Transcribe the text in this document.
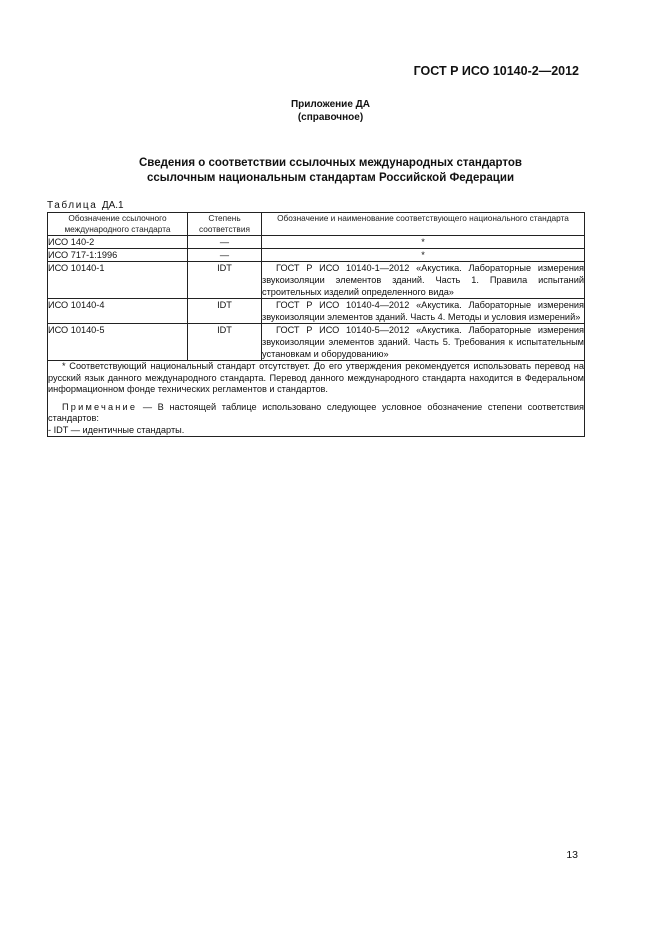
ГОСТ Р ИСО 10140-2—2012
Приложение ДА
(справочное)
Сведения о соответствии ссылочных международных стандартов
ссылочным национальным стандартам Российской Федерации
Таблица ДА.1
Обозначение ссылочного международного стандарта	Степень соответствия	Обозначение и наименование соответствующего национального стандарта
ИСО 140-2	—	*
ИСО 717-1:1996	—	*
ИСО 10140-1	IDT	ГОСТ Р ИСО 10140-1—2012 «Акустика. Лабораторные измерения звукоизоляции элементов зданий. Часть 1. Правила испытаний строительных изделий определенного вида»
ИСО 10140-4	IDT	ГОСТ Р ИСО 10140-4—2012 «Акустика. Лабораторные измерения звукоизоляции элементов зданий. Часть 4. Методы и условия измерений»
ИСО 10140-5	IDT	ГОСТ Р ИСО 10140-5—2012 «Акустика. Лабораторные измерения звукоизоляции элементов зданий. Часть 5. Требования к испытательным установкам и оборудованию»

* Соответствующий национальный стандарт отсутствует. До его утверждения рекомендуется использовать перевод на русский язык данного международного стандарта. Перевод данного международного стандарта находится в Федеральном информационном фонде технических регламентов и стандартов.

Примечание — В настоящей таблице использовано следующее условное обозначение степени соответствия стандартов:

- IDT — идентичные стандарты.		

13
